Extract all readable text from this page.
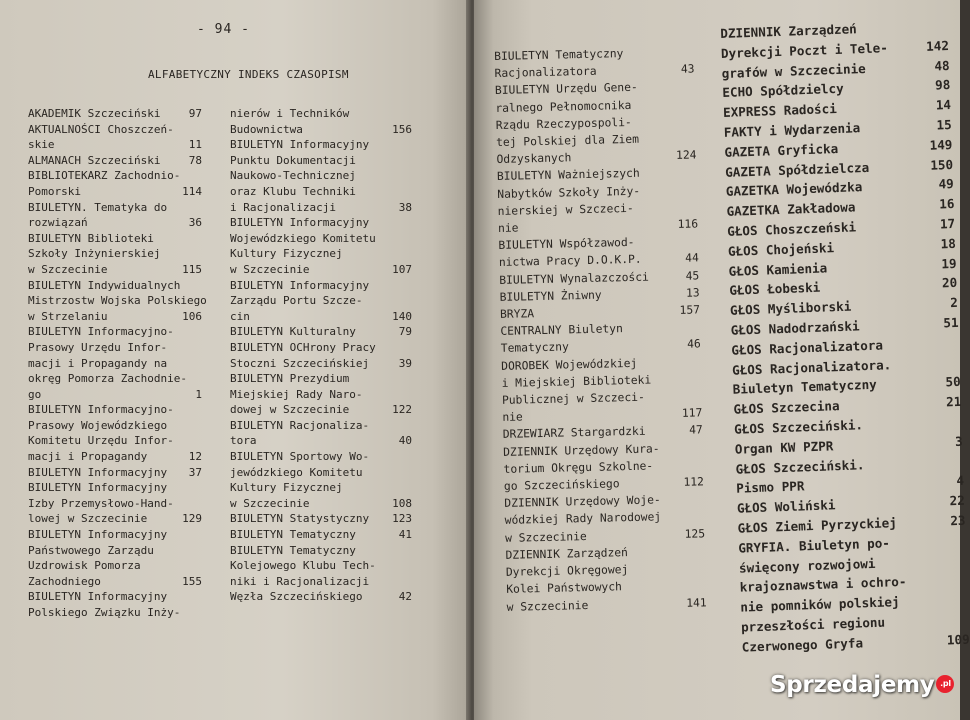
- 94 -
ALFABETYCZNY INDEKS CZASOPISM
AKADEMIK Szczeciński	97
AKTUALNOŚCI Choszczeń-
skie	11
ALMANACH Szczeciński	78
BIBLIOTEKARZ Zachodnio-
Pomorski	114
BIULETYN. Tematyka do
rozwiązań	36
BIULETYN Biblioteki
Szkoły Inżynierskiej
w Szczecinie	115
BIULETYN Indywidualnych
Mistrzostw Wojska Polskiego
w Strzelaniu	106
BIULETYN Informacyjno-
Prasowy Urzędu Infor-
macji i Propagandy na
okręg Pomorza Zachodnie-
go	1
BIULETYN Informacyjno-
Prasowy Wojewódzkiego
Komitetu Urzędu Infor-
macji i Propagandy	12
BIULETYN Informacyjny	37
BIULETYN Informacyjny
Izby Przemysłowo-Hand-
lowej w Szczecinie	129
BIULETYN Informacyjny
Państwowego Zarządu
Uzdrowisk Pomorza
Zachodniego	155
BIULETYN Informacyjny
Polskiego Związku Inży-
nierów i Techników
Budownictwa	156
BIULETYN Informacyjny
Punktu Dokumentacji
Naukowo-Technicznej
oraz Klubu Techniki
i Racjonalizacji	38
BIULETYN Informacyjny
Wojewódzkiego Komitetu
Kultury Fizycznej
w Szczecinie	107
BIULETYN Informacyjny
Zarządu Portu Szcze-
cin	140
BIULETYN Kulturalny	79
BIULETYN OCHrony Pracy
Stoczni Szczecińskiej	39
BIULETYN Prezydium
Miejskiej Rady Naro-
dowej w Szczecinie	122
BIULETYN Racjonaliza-
tora	40
BIULETYN Sportowy Wo-
jewódzkiego Komitetu
Kultury Fizycznej
w Szczecinie	108
BIULETYN Statystyczny	123
BIULETYN Tematyczny	41
BIULETYN Tematyczny
Kolejowego Klubu Tech-
niki i Racjonalizacji
Węzła Szczecińskiego	42
BIULETYN Tematyczny
Racjonalizatora	43
BIULETYN Urzędu Gene-
ralnego Pełnomocnika
Rządu Rzeczypospoli-
tej Polskiej dla Ziem
Odzyskanych	124
BIULETYN Ważniejszych
Nabytków Szkoły Inży-
nierskiej w Szczeci-
nie	116
BIULETYN Współzawod-
nictwa Pracy D.O.K.P.	44
BIULETYN Wynalazczości	45
BIULETYN Żniwny	13
BRYZA	157
CENTRALNY Biuletyn
Tematyczny	46
DOROBEK Wojewódzkiej
i Miejskiej Biblioteki
Publicznej w Szczeci-
nie	117
DRZEWIARZ Stargardzki	47
DZIENNIK Urzędowy Kura-
torium Okręgu Szkolne-
go Szczecińskiego	112
DZIENNIK Urzędowy Woje-
wódzkiej Rady Narodowej
w Szczecinie	125
DZIENNIK Zarządzeń
Dyrekcji Okręgowej
Kolei Państwowych
w Szczecinie	141
DZIENNIK Zarządzeń
Dyrekcji Poczt i Tele-	142
grafów w Szczecinie	48
ECHO Spółdzielcy	98
EXPRESS Radości	14
FAKTY i Wydarzenia	15
GAZETA Gryficka	149
GAZETA Spółdzielcza	150
GAZETKA Wojewódzka	49
GAZETKA Zakładowa	16
GŁOS Choszczeński	17
GŁOS Chojeński	18
GŁOS Kamienia	19
GŁOS Łobeski	20
GŁOS Myśliborski	2
GŁOS Nadodrzański	51
GŁOS Racjonalizatora
GŁOS Racjonalizatora.
Biuletyn Tematyczny	50
GŁOS Szczecina	21
GŁOS Szczeciński.
Organ KW PZPR	3
GŁOS Szczeciński.
Pismo PPR	4
GŁOS Woliński	22
GŁOS Ziemi Pyrzyckiej	23
GRYFIA. Biuletyn po-
święcony rozwojowi
krajoznawstwa i ochro-
nie pomników polskiej
przeszłości regionu
Czerwonego Gryfa	109
Sprzedajemy .pl
